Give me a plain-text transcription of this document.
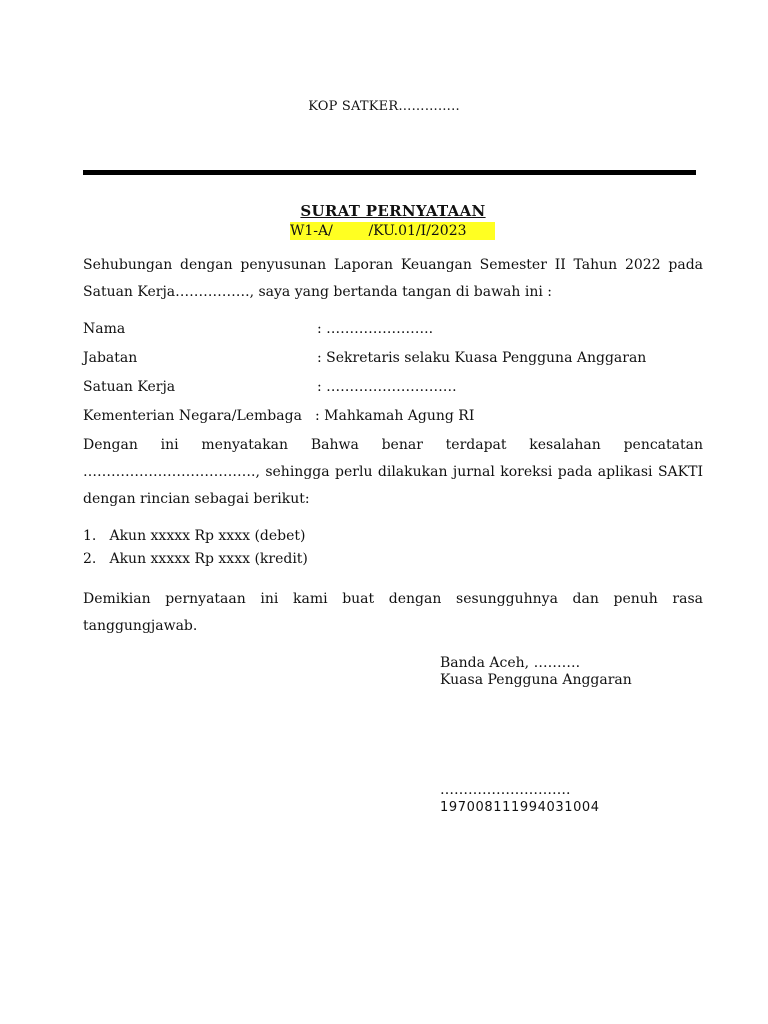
KOP SATKER…………..
SURAT PERNYATAAN
W1-A/        /KU.01/I/2023
Sehubungan dengan penyusunan Laporan Keuangan Semester II Tahun 2022 pada Satuan Kerja……………., saya yang bertanda tangan di bawah ini :
Nama	: …………………..
Jabatan	: Sekretaris selaku Kuasa Pengguna Anggaran
Satuan Kerja	: ……………………….
Kementerian Negara/Lembaga : Mahkamah Agung RI
Dengan ini menyatakan Bahwa benar terdapat kesalahan pencatatan ………………………………., sehingga perlu dilakukan jurnal koreksi pada aplikasi SAKTI dengan rincian sebagai berikut:
1. Akun xxxxx Rp xxxx (debet)
2. Akun xxxxx Rp xxxx (kredit)
Demikian pernyataan ini kami buat dengan sesungguhnya dan penuh rasa tanggungjawab.
Banda Aceh, ……….
Kuasa Pengguna Anggaran
……………………….
197008111994031004
